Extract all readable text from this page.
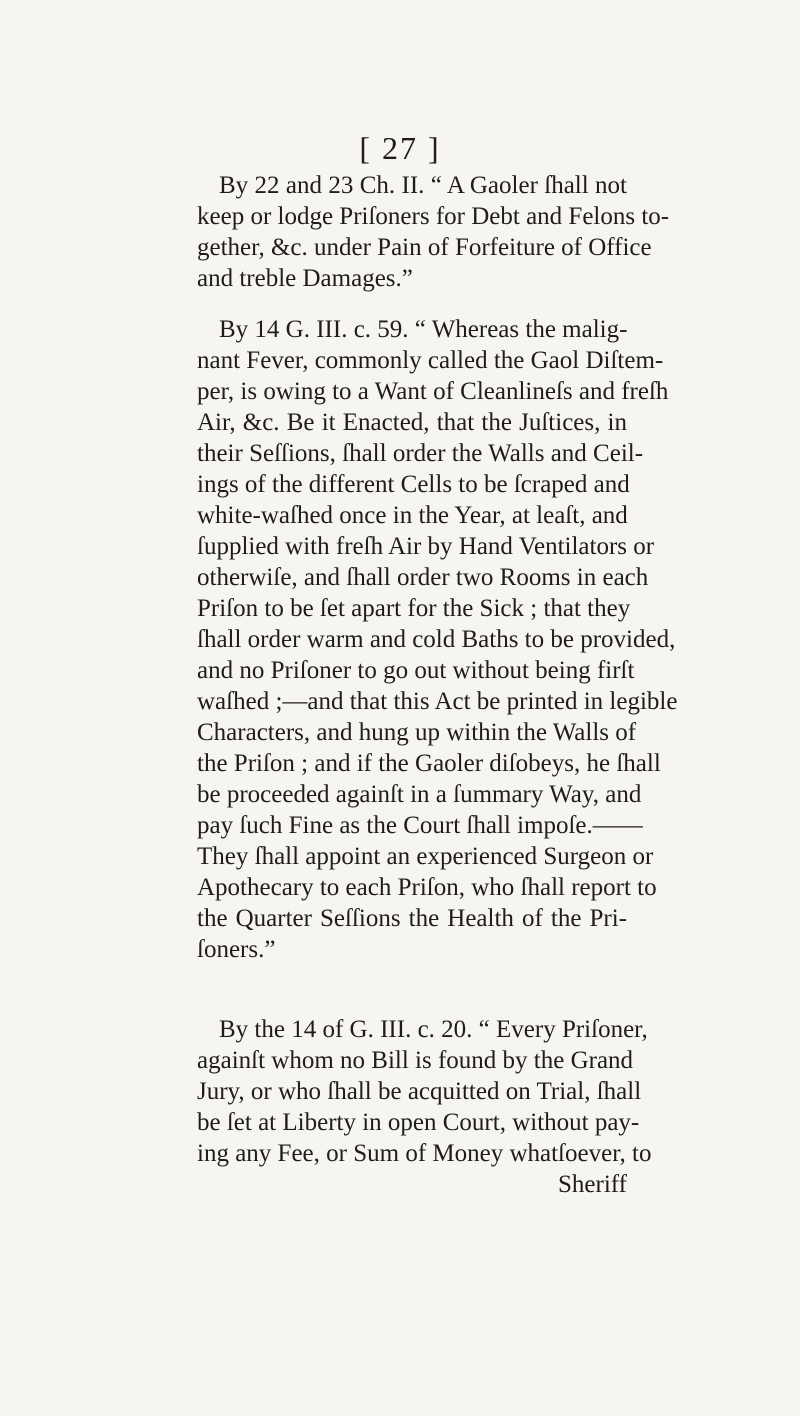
[ 27 ]
By 22 and 23 Ch. II. “ A Gaoler ſhall not
keep or lodge Priſoners for Debt and Felons to-
gether, &c. under Pain of Forfeiture of Office
and treble Damages.”
By 14 G. III. c. 59. “ Whereas the malig-
nant Fever, commonly called the Gaol Diſtem-
per, is owing to a Want of Cleanlineſs and freſh
Air, &c. Be it Enacted, that the Juſtices, in
their Seſſions, ſhall order the Walls and Ceil-
ings of the different Cells to be ſcraped and
white-waſhed once in the Year, at leaſt, and
ſupplied with freſh Air by Hand Ventilators or
otherwiſe, and ſhall order two Rooms in each
Priſon to be ſet apart for the Sick ; that they
ſhall order warm and cold Baths to be provided,
and no Priſoner to go out without being firſt
waſhed ;—and that this Act be printed in legible
Characters, and hung up within the Walls of
the Priſon ; and if the Gaoler diſobeys, he ſhall
be proceeded againſt in a ſummary Way, and
pay ſuch Fine as the Court ſhall impoſe.——
They ſhall appoint an experienced Surgeon or
Apothecary to each Priſon, who ſhall report to
the Quarter Seſſions the Health of the Pri-
ſoners.”
By the 14 of G. III. c. 20. “ Every Priſoner,
againſt whom no Bill is found by the Grand
Jury, or who ſhall be acquitted on Trial, ſhall
be ſet at Liberty in open Court, without pay-
ing any Fee, or Sum of Money whatſoever, to
Sheriff
